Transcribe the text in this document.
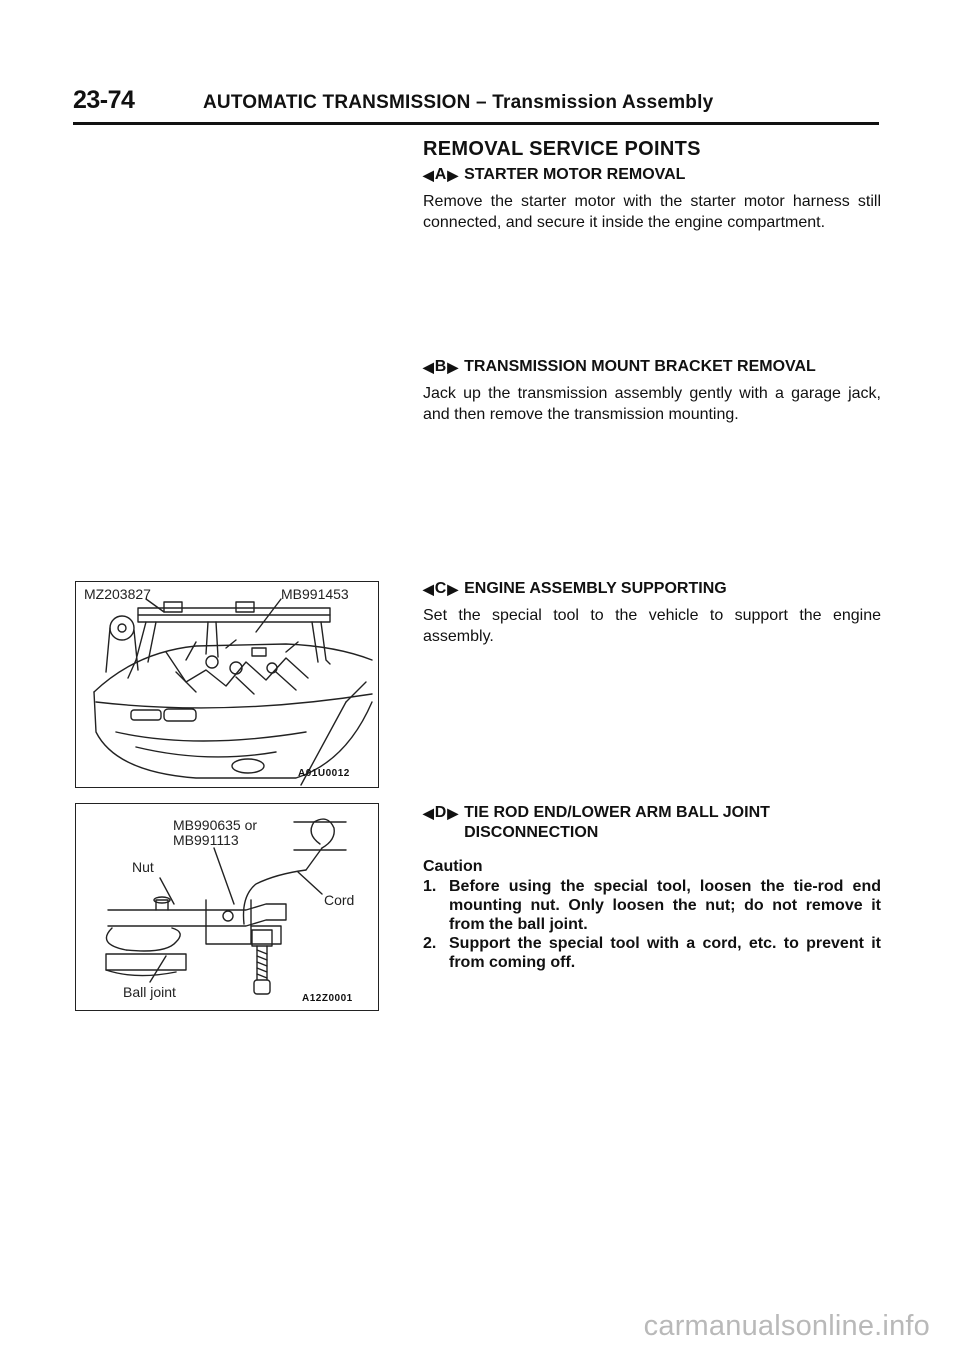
23-74	AUTOMATIC TRANSMISSION – Transmission Assembly
REMOVAL SERVICE POINTS
◀ A ▶ STARTER MOTOR REMOVAL
Remove the starter motor with the starter motor harness still connected, and secure it inside the engine compartment.
◀ B ▶ TRANSMISSION MOUNT BRACKET REMOVAL
Jack up the transmission assembly gently with a garage jack, and then remove the transmission mounting.
◀ C ▶ ENGINE ASSEMBLY SUPPORTING
Set the special tool to the vehicle to support the engine assembly.
◀ D ▶ TIE ROD END/LOWER ARM BALL JOINT DISCONNECTION
Caution
1. Before using the special tool, loosen the tie-rod end mounting nut. Only loosen the nut; do not remove it from the ball joint.
2. Support the special tool with a cord, etc. to prevent it from coming off.
MZ203827	MB991453
A01U0012
MB990635 or
MB991113
Nut
Cord
Ball joint	A12Z0001
carmanualsonline.info
